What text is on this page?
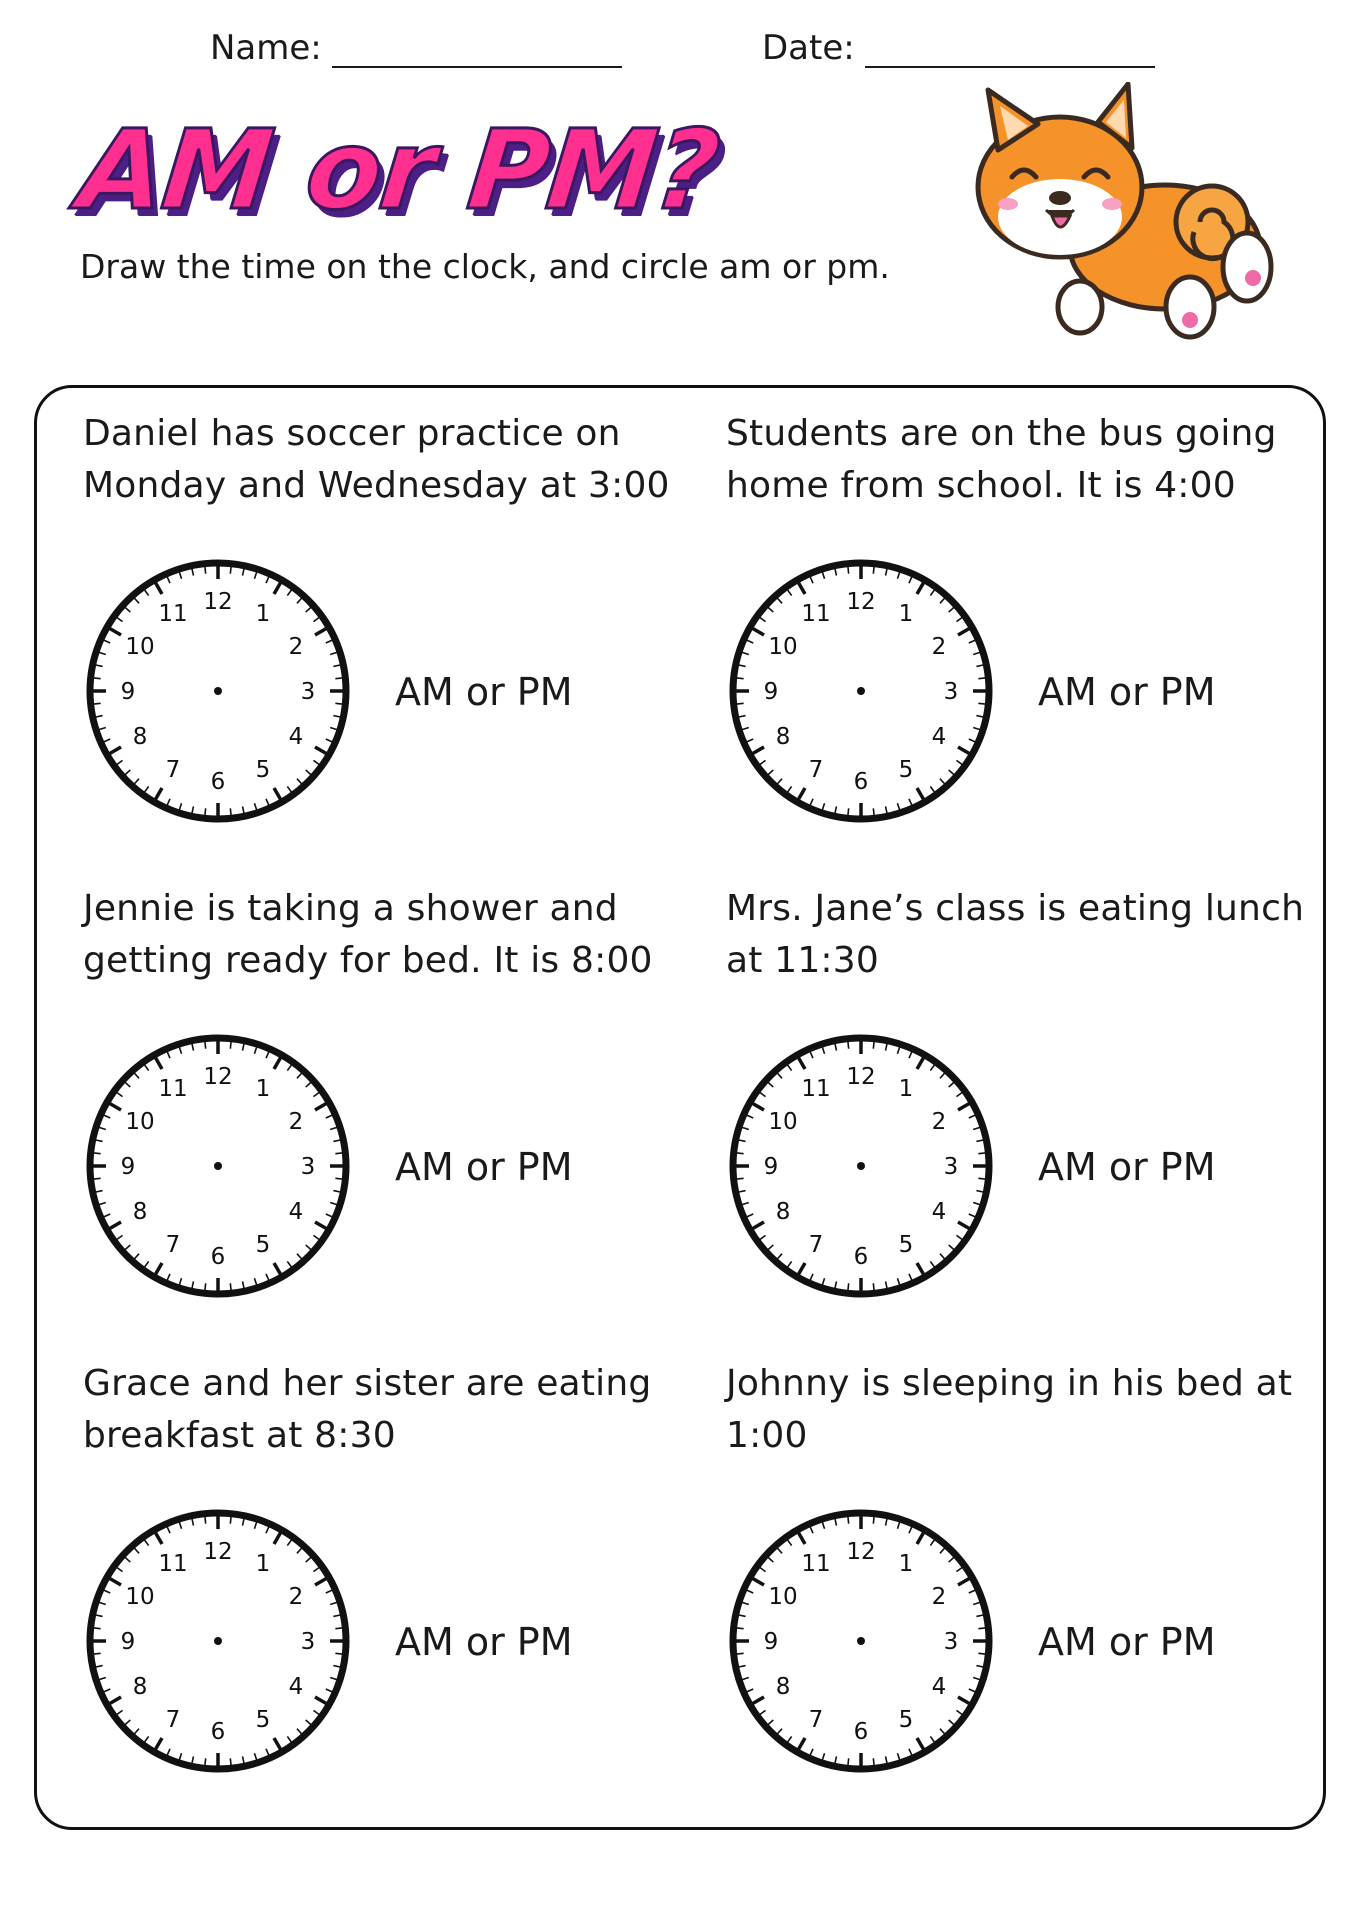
Name:	Date:
AM or PM?

Draw the time on the clock, and circle am or pm.

Daniel has soccer practice on
Monday and Wednesday at 3:00

12 1
2
3
4
5
6
7
8
9
10
11

AM or PM

Students are on the bus going
home from school. It is 4:00

12 1
2
3
4
5
6
7
8
9
10
11

AM or PM

Jennie is taking a shower and
getting ready for bed. It is 8:00

12 1
2
3
4
5
6
7
8
9
10
11

AM or PM

Mrs. Jane’s class is eating lunch
at 11:30

12 1
2
3
4
5
6
7
8
9
10
11

AM or PM

Grace and her sister are eating
breakfast at 8:30

12 1
2
3
4
5
6
7
8
9
10
11

AM or PM

Johnny is sleeping in his bed at
1:00

12 1
2
3
4
5
6
7
8
9
10
11

AM or PM
